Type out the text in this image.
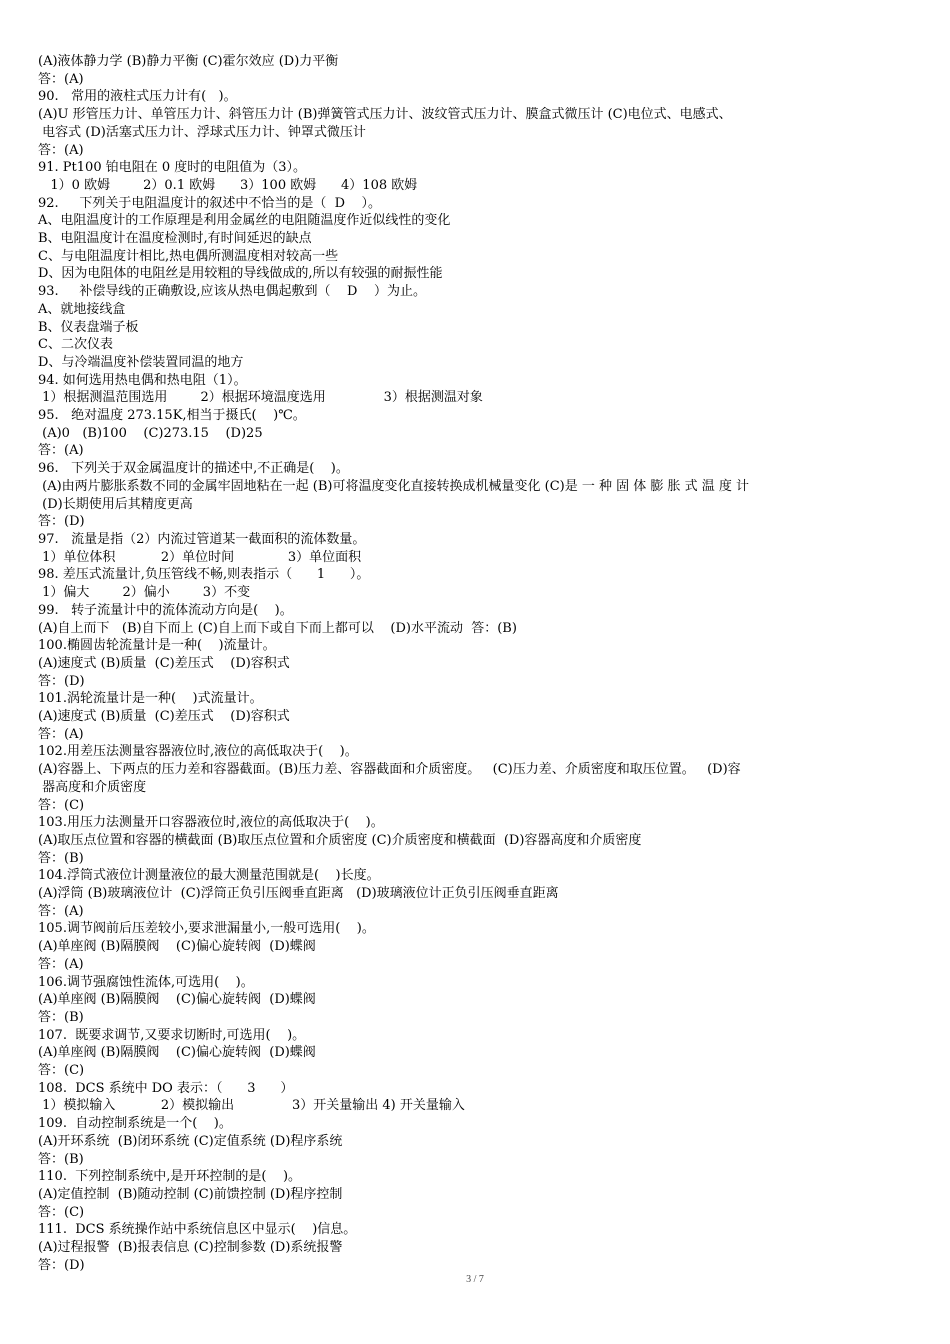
(A)液体静力学 (B)静力平衡 (C)霍尔效应 (D)力平衡
答：(A)
90.   常用的液柱式压力计有(   )。
(A)U 形管压力计、单管压力计、斜管压力计 (B)弹簧管式压力计、波纹管式压力计、膜盒式微压计 (C)电位式、电感式、
电容式 (D)活塞式压力计、浮球式压力计、钟罩式微压计
答：(A)
91. Pt100 铂电阻在 0 度时的电阻值为（3）。
1）0 欧姆        2）0.1 欧姆      3）100 欧姆      4）108 欧姆
92.     下列关于电阻温度计的叙述中不恰当的是（  D    ）。
A、电阻温度计的工作原理是利用金属丝的电阻随温度作近似线性的变化
B、电阻温度计在温度检测时,有时间延迟的缺点
C、与电阻温度计相比,热电偶所测温度相对较高一些
D、因为电阻体的电阻丝是用较粗的导线做成的,所以有较强的耐振性能
93.     补偿导线的正确敷设,应该从热电偶起敷到（    D    ）为止。
A、就地接线盒
B、仪表盘端子板
C、二次仪表
D、与冷端温度补偿装置同温的地方
94. 如何选用热电偶和热电阻（1）。
1）根据测温范围选用        2）根据环境温度选用              3）根据测温对象
95.   绝对温度 273.15K,相当于摄氏(    )℃。
(A)0   (B)100    (C)273.15    (D)25
答：(A)
96.   下列关于双金属温度计的描述中,不正确是(    )。
(A)由两片膨胀系数不同的金属牢固地粘在一起 (B)可将温度变化直接转换成机械量变化 (C)是 一 种 固 体 膨 胀 式 温 度 计
(D)长期使用后其精度更高
答：(D)
97.   流量是指（2）内流过管道某一截面积的流体数量。
1）单位体积           2）单位时间             3）单位面积
98. 差压式流量计,负压管线不畅,则表指示（      1      ）。
1）偏大        2）偏小        3）不变
99.   转子流量计中的流体流动方向是(    )。
(A)自上而下   (B)自下而上 (C)自上而下或自下而上都可以    (D)水平流动  答：(B)
100.椭圆齿轮流量计是一种(    )流量计。
(A)速度式 (B)质量  (C)差压式    (D)容积式
答：(D)
101.涡轮流量计是一种(    )式流量计。
(A)速度式 (B)质量  (C)差压式    (D)容积式
答：(A)
102.用差压法测量容器液位时,液位的高低取决于(    )。
(A)容器上、下两点的压力差和容器截面。(B)压力差、容器截面和介质密度。   (C)压力差、介质密度和取压位置。   (D)容
器高度和介质密度
答：(C)
103.用压力法测量开口容器液位时,液位的高低取决于(    )。
(A)取压点位置和容器的横截面 (B)取压点位置和介质密度 (C)介质密度和横截面  (D)容器高度和介质密度
答：(B)
104.浮筒式液位计测量液位的最大测量范围就是(    )长度。
(A)浮筒 (B)玻璃液位计  (C)浮筒正负引压阀垂直距离   (D)玻璃液位计正负引压阀垂直距离
答：(A)
105.调节阀前后压差较小,要求泄漏量小,一般可选用(    )。
(A)单座阀 (B)隔膜阀    (C)偏心旋转阀  (D)蝶阀
答：(A)
106.调节强腐蚀性流体,可选用(    )。
(A)单座阀 (B)隔膜阀    (C)偏心旋转阀  (D)蝶阀
答：(B)
107.  既要求调节,又要求切断时,可选用(    )。
(A)单座阀 (B)隔膜阀    (C)偏心旋转阀  (D)蝶阀
答：(C)
108.  DCS 系统中 DO 表示：（      3      ）
1）模拟输入           2）模拟输出              3）开关量输出 4) 开关量输入
109.  自动控制系统是一个(    )。
(A)开环系统  (B)闭环系统 (C)定值系统 (D)程序系统
答：(B)
110.  下列控制系统中,是开环控制的是(    )。
(A)定值控制  (B)随动控制 (C)前馈控制 (D)程序控制
答：(C)
111.  DCS 系统操作站中系统信息区中显示(    )信息。
(A)过程报警  (B)报表信息 (C)控制参数 (D)系统报警
答：(D)
3 / 7
